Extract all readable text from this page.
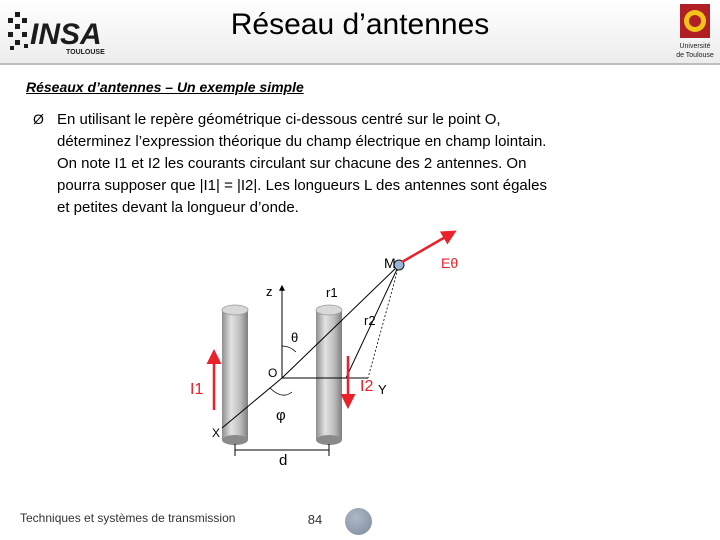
INSA
TOULOUSE
Réseau d’antennes
Université
de Toulouse
Réseaux d’antennes – Un exemple simple
Ø En utilisant le repère géométrique ci-dessous centré sur le point O,
déterminez l’expression théorique du champ électrique en champ lointain.
On note I1 et I2 les courants circulant sur chacune des 2 antennes. On
pourra supposer que |I1| = |I2|. Les longueurs L des antennes sont égales
et petites devant la longueur d’onde.
M	Eθ
z	r1
r2
θ
O
I1	I2 Y
φ
X
d
Techniques et systèmes de transmission	84
